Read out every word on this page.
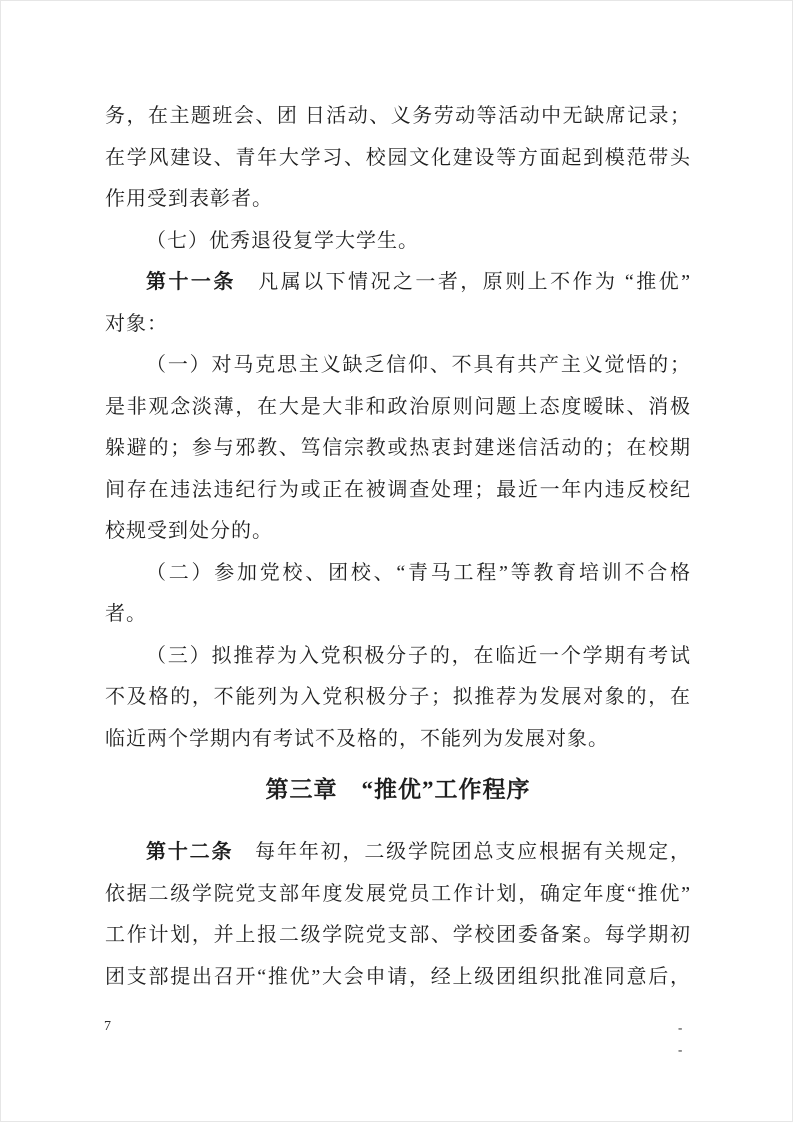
务，在主题班会、团 日活动、义务劳动等活动中无缺席记录；
在学风建设、青年大学习、校园文化建设等方面起到模范带头
作用受到表彰者。
（七）优秀退役复学大学生。
第十一条　凡属以下情况之一者，原则上不作为 “推优”
对象：
（一）对马克思主义缺乏信仰、不具有共产主义觉悟的；
是非观念淡薄，在大是大非和政治原则问题上态度暧昧、消极
躲避的；参与邪教、笃信宗教或热衷封建迷信活动的；在校期
间存在违法违纪行为或正在被调查处理；最近一年内违反校纪
校规受到处分的。
（二）参加党校、团校、“青马工程”等教育培训不合格
者。
（三）拟推荐为入党积极分子的，在临近一个学期有考试
不及格的，不能列为入党积极分子；拟推荐为发展对象的，在
临近两个学期内有考试不及格的，不能列为发展对象。
第三章　“推优”工作程序
第十二条　每年年初，二级学院团总支应根据有关规定，
依据二级学院党支部年度发展党员工作计划，确定年度“推优”
工作计划，并上报二级学院党支部、学校团委备案。每学期初
团支部提出召开“推优”大会申请，经上级团组织批准同意后，
7	-
-
